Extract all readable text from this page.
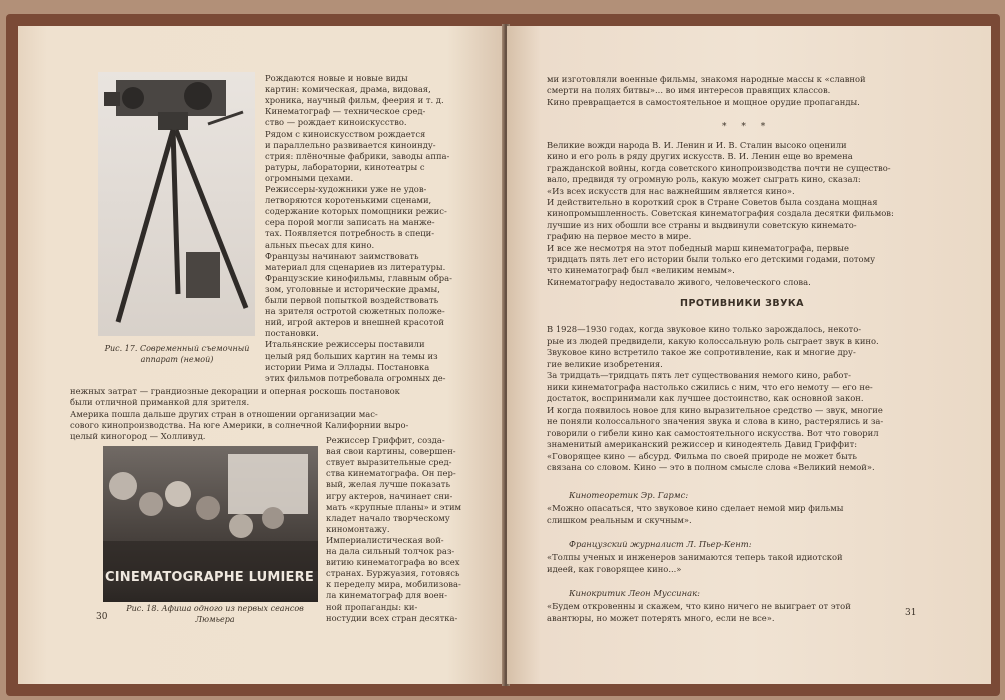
Рис. 17. Современный съемочный
аппарат (немой)
CINEMATOGRAPHE LUMIERE
Рис. 18. Афиша одного из первых сеансов
Люмьера
30
Рождаются новые и новые виды
картин: комическая, драма, видовая,
хроника, научный фильм, феерия и т. д.
Кинематограф — техническое сред-
ство — рождает киноискусство.
Рядом с киноискусством рождается
и параллельно развивается киноинду-
стрия: плёночные фабрики, заводы аппа-
ратуры, лаборатории, кинотеатры с
огромными цехами.
Режиссеры-художники уже не удов-
летворяются коротенькими сценами,
содержание которых помощники режис-
сера порой могли записать на манже-
тах. Появляется потребность в специ-
альных пьесах для кино.
Французы начинают заимствовать
материал для сценариев из литературы.
Французские кинофильмы, главным обра-
зом, уголовные и исторические драмы,
были первой попыткой воздействовать
на зрителя остротой сюжетных положе-
ний, игрой актеров и внешней красотой
постановки.
Итальянские режиссеры поставили
целый ряд больших картин на темы из
истории Рима и Эллады. Постановка
этих фильмов потребовала огромных де-
нежных затрат — грандиозные декорации и оперная роскошь постановок
были отличной приманкой для зрителя.
Америка пошла дальше других стран в отношении организации мас-
сового кинопроизводства. На юге Америки, в солнечной Калифорнии выро-
целый киногород — Холливуд.	Режиссер Гриффит, созда-
вая свои картины, совершен-
ствует выразительные сред-
ства кинематографа. Он пер-
вый, желая лучше показать
игру актеров, начинает сни-
мать «крупные планы» и этим
кладет начало творческому
киномонтажу.
Империалистическая вой-
на дала сильный толчок раз-
витию кинематографа во всех
странах. Буржуазия, готовясь
к переделу мира, мобилизова-
ла кинематограф для воен-
ной пропаганды: ки-
ностудии всех стран десятка-
* * *
ПРОТИВНИКИ ЗВУКА
Кинотеоретик Эр. Гармс:
Французский журналист Л. Пьер-Кент:
Кинокритик Леон Муссинак:
31
ми изготовляли военные фильмы, знакомя народные массы к «славной
смерти на полях битвы»... во имя интересов правящих классов.
Кино превращается в самостоятельное и мощное орудие пропаганды.
Великие вожди народа В. И. Ленин и И. В. Сталин высоко оценили
кино и его роль в ряду других искусств. В. И. Ленин еще во времена
гражданской войны, когда советского кинопроизводства почти не существо-
вало, предвидя ту огромную роль, какую может сыграть кино, сказал:
«Из всех искусств для нас важнейшим является кино».
И действительно в короткий срок в Стране Советов была создана мощная
кинопромышленность. Советская кинематография создала десятки фильмов:
лучшие из них обошли все страны и выдвинули советскую кинемато-
графию на первое место в мире.
И все же несмотря на этот победный марш кинематографа, первые
тридцать пять лет его истории были только его детскими годами, потому
что кинематограф был «великим немым».
Кинематографу недоставало живого, человеческого слова.
В 1928—1930 годах, когда звуковое кино только зарождалось, некото-
рые из людей предвидели, какую колоссальную роль сыграет звук в кино.
Звуковое кино встретило такое же сопротивление, как и многие дру-
гие великие изобретения.
За тридцать—тридцать пять лет существования немого кино, работ-
ники кинематографа настолько сжились с ним, что его немоту — его не-
достаток, воспринимали как лучшее достоинство, как основной закон.
И когда появилось новое для кино выразительное средство — звук, многие
не поняли колоссального значения звука и слова в кино, растерялись и за-
говорили о гибели кино как самостоятельного искусства. Вот что говорил
знаменитый американский режиссер и кинодеятель Давид Гриффит:
«Говорящее кино — абсурд. Фильма по своей природе не может быть
связана со словом. Кино — это в полном смысле слова «Великий немой».
«Можно опасаться, что звуковое кино сделает немой мир фильмы
слишком реальным и скучным».
«Толпы ученых и инженеров занимаются теперь такой идиотской
идеей, как говорящее кино...»
«Будем откровенны и скажем, что кино ничего не выиграет от этой
авантюры, но может потерять много, если не все».
